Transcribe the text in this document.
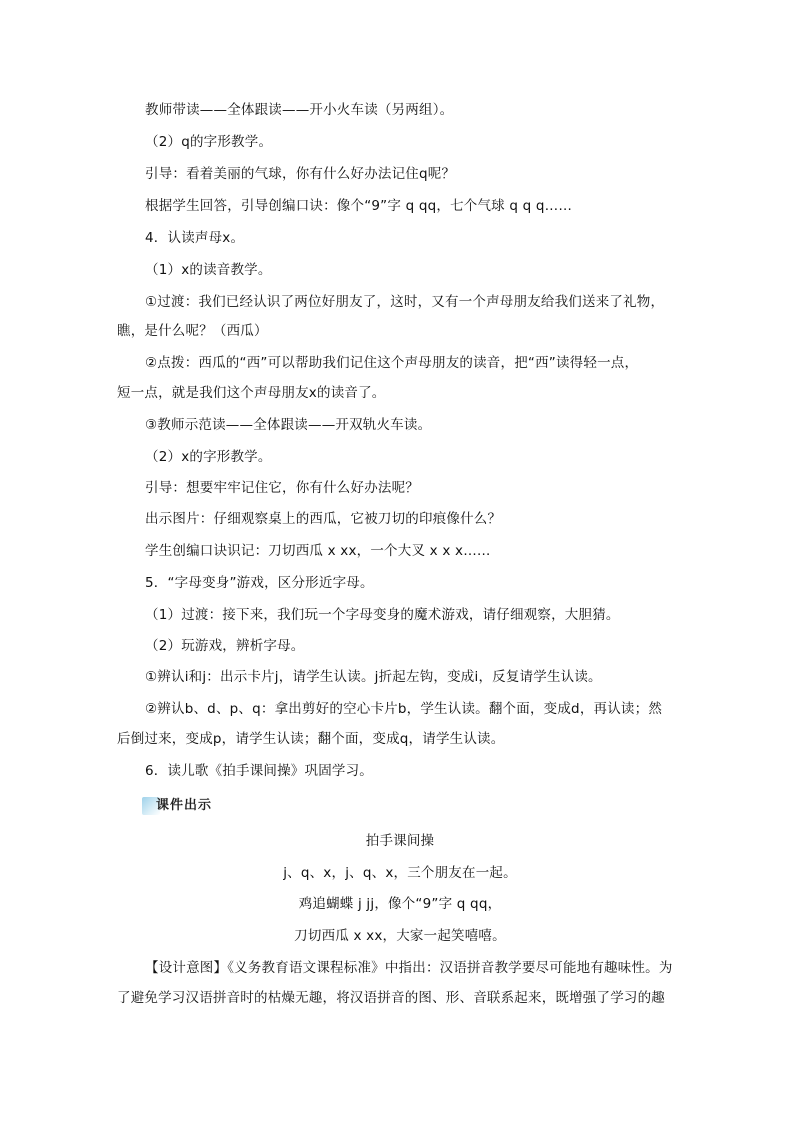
教师带读——全体跟读——开小火车读（另两组）。
（2）q的字形教学。
引导：看着美丽的气球，你有什么好办法记住q呢？
根据学生回答，引导创编口诀：像个“9”字 q qq，七个气球 q q q……
4．认读声母x。
（1）x的读音教学。
①过渡：我们已经认识了两位好朋友了，这时，又有一个声母朋友给我们送来了礼物，
瞧，是什么呢？（西瓜）
②点拨：西瓜的“西”可以帮助我们记住这个声母朋友的读音，把“西”读得轻一点，
短一点，就是我们这个声母朋友x的读音了。
③教师示范读——全体跟读——开双轨火车读。
（2）x的字形教学。
引导：想要牢牢记住它，你有什么好办法呢？
出示图片：仔细观察桌上的西瓜，它被刀切的印痕像什么？
学生创编口诀识记：刀切西瓜 x xx，一个大叉 x x x……
5．“字母变身”游戏，区分形近字母。
（1）过渡：接下来，我们玩一个字母变身的魔术游戏，请仔细观察，大胆猜。
（2）玩游戏，辨析字母。
①辨认i和j：出示卡片j，请学生认读。j折起左钩，变成i，反复请学生认读。
②辨认b、d、p、q：拿出剪好的空心卡片b，学生认读。翻个面，变成d，再认读；然
后倒过来，变成p，请学生认读；翻个面，变成q，请学生认读。
6．读儿歌《拍手课间操》巩固学习。
课件出示
拍手课间操
j、q、x，j、q、x，三个朋友在一起。
鸡追蝴蝶 j jj，像个“9”字 q qq，
刀切西瓜 x xx，大家一起笑嘻嘻。
【设计意图】《义务教育语文课程标准》中指出：汉语拼音教学要尽可能地有趣味性。为
了避免学习汉语拼音时的枯燥无趣，将汉语拼音的图、形、音联系起来，既增强了学习的趣
